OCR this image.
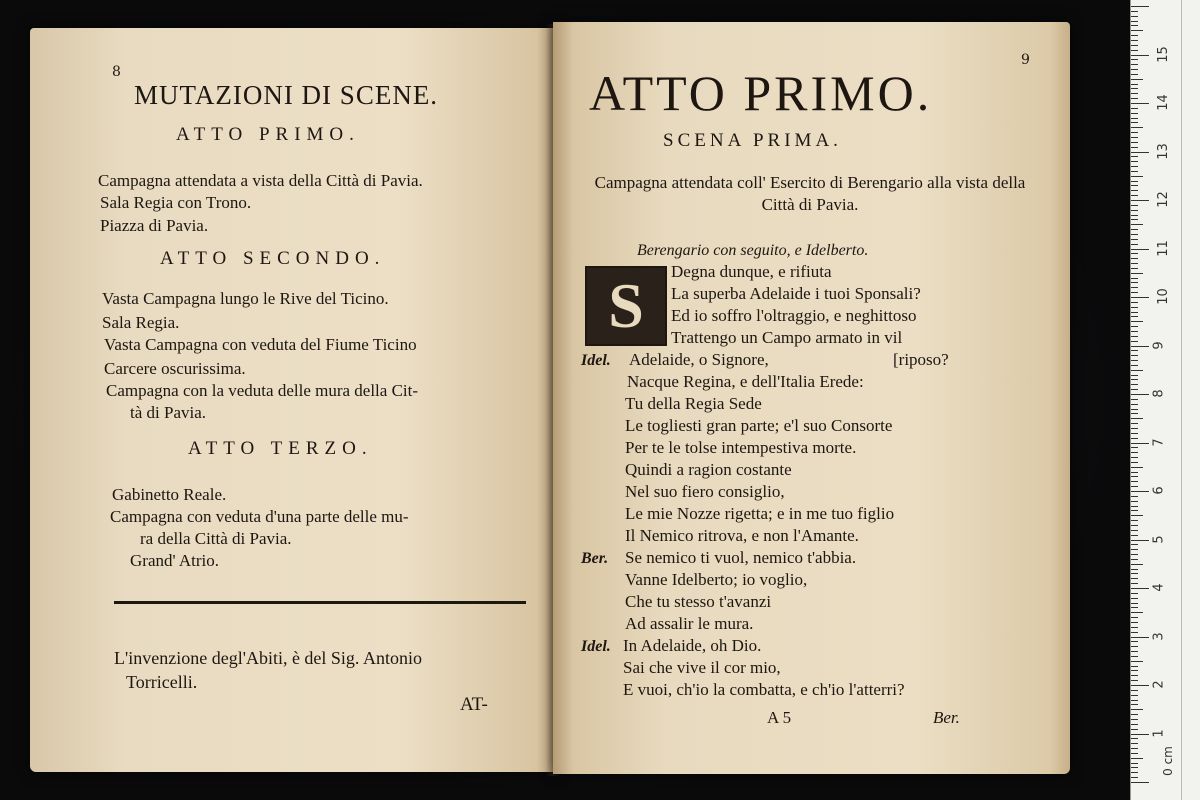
8
MUTAZIONI DI SCENE.
ATTO PRIMO.
Campagna attendata a vista della Città di Pavia.
Sala Regia con Trono.
Piazza di Pavia.
ATTO SECONDO.
Vasta Campagna lungo le Rive del Ticino.
Sala Regia.
Vasta Campagna con veduta del Fiume Ticino
Carcere oscurissima.
Campagna con la veduta delle mura della Cit-
tà di Pavia.
ATTO TERZO.
Gabinetto Reale.
Campagna con veduta d'una parte delle mu-
ra della Città di Pavia.
Grand' Atrio.
L'invenzione degl'Abiti, è del Sig. Antonio
Torricelli.
AT-
9
ATTO PRIMO.
SCENA PRIMA.
Campagna attendata coll' Esercito di Berengario alla vista della Città di Pavia.
Berengario con seguito, e Idelberto.
S	Degna dunque, e rifiuta
La superba Adelaide i tuoi Sponsali?
Ed io soffro l'oltraggio, e neghittoso
Trattengo un Campo armato in vil
Idel. Adelaide, o Signore,	[riposo?
Nacque Regina, e dell'Italia Erede:
Tu della Regia Sede
Le togliesti gran parte; e'l suo Consorte
Per te le tolse intempestiva morte.
Quindi a ragion costante
Nel suo fiero consiglio,
Le mie Nozze rigetta; e in me tuo figlio
Il Nemico ritrova, e non l'Amante.
Ber. Se nemico ti vuol, nemico t'abbia.
Vanne Idelberto; io voglio,
Che tu stesso t'avanzi
Ad assalir le mura.
Idel. In Adelaide, oh Dio.
Sai che vive il cor mio,
E vuoi, ch'io la combatta, e ch'io l'atterri?
A 5	Ber.
1
2
3
4
5
6
7
8
9
10
11
12
13
14
15
0 cm
